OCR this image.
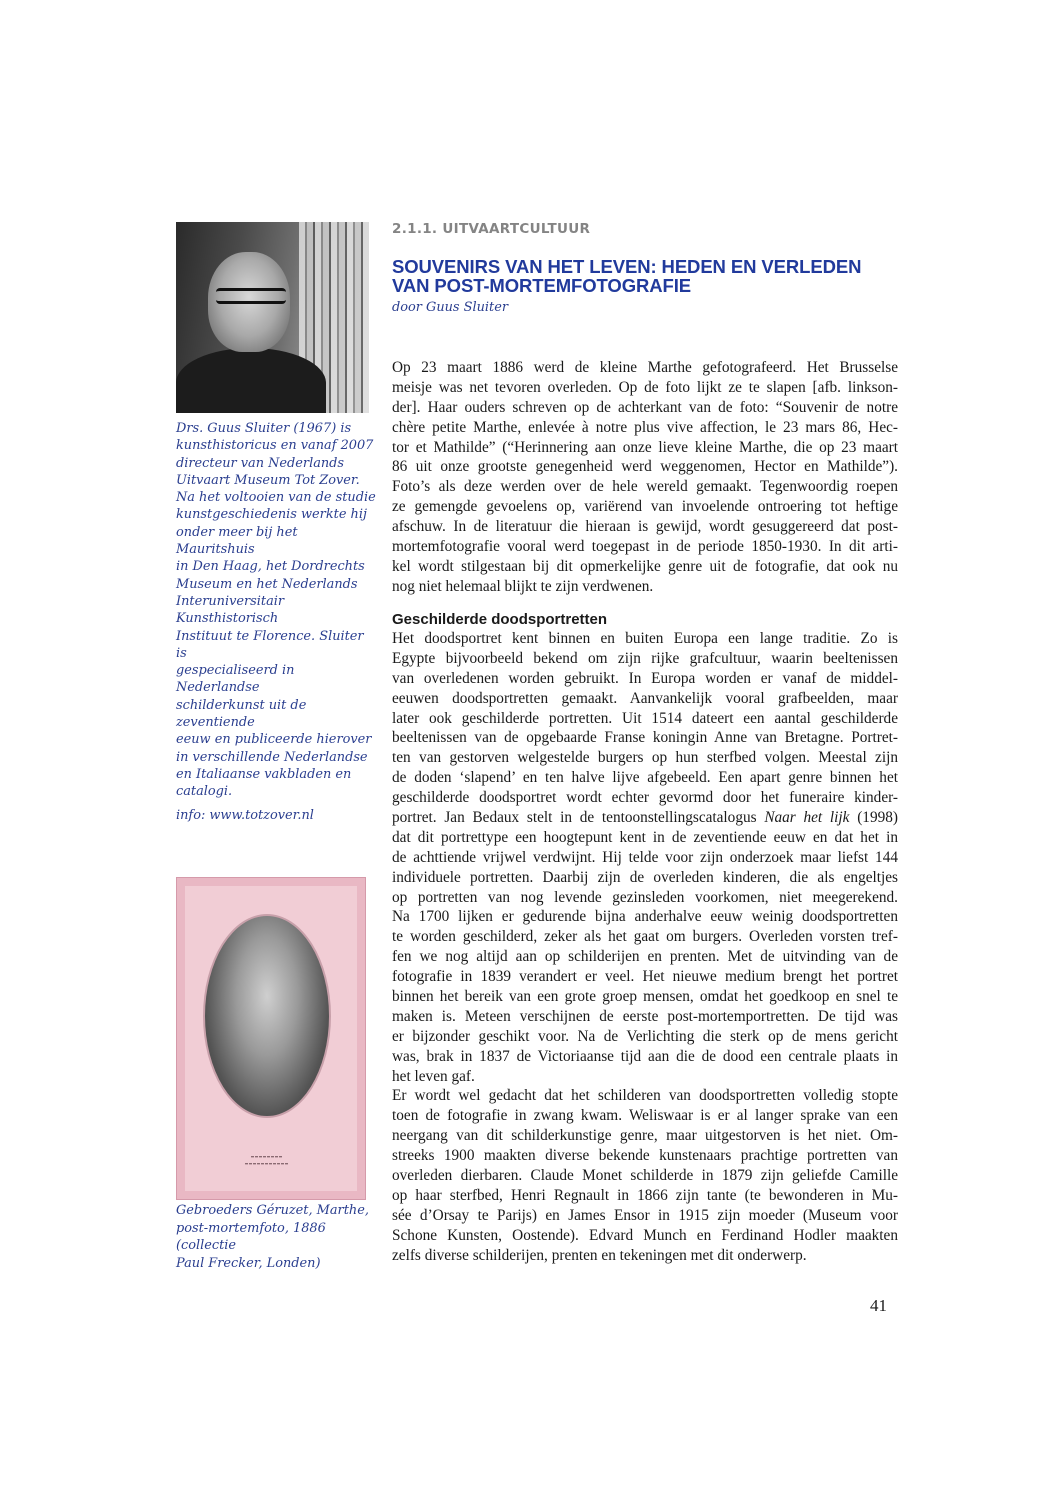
Drs. Guus Sluiter (1967) is
kunsthistoricus en vanaf 2007
directeur van Nederlands
Uitvaart Museum Tot Zover.
Na het voltooien van de studie
kunstgeschiedenis werkte hij
onder meer bij het Mauritshuis
in Den Haag, het Dordrechts
Museum en het Nederlands
Interuniversitair Kunsthistorisch
Instituut te Florence. Sluiter is
gespecialiseerd in Nederlandse
schilderkunst uit de zeventiende
eeuw en publiceerde hierover
in verschillende Nederlandse
en Italiaanse vakbladen en
catalogi.

info: www.totzover.nl

▬▬▬▬▬▬▬▬
▬▬▬▬▬▬▬▬▬▬▬
Gebroeders Géruzet, Marthe,
post-mortemfoto, 1886 (collectie
Paul Frecker, Londen)
2.1.1. UITVAARTCULTUUR
SOUVENIRS VAN HET LEVEN: HEDEN EN VERLEDEN
VAN POST-MORTEMFOTOGRAFIE
door Guus Sluiter
Op 23 maart 1886 werd de kleine Marthe gefotografeerd. Het Brusselse
meisje was net tevoren overleden. Op de foto lijkt ze te slapen [afb. linkson-
der]. Haar ouders schreven op de achterkant van de foto: “Souvenir de notre
chère petite Marthe, enlevée à notre plus vive affection, le 23 mars 86, Hec-
tor et Mathilde” (“Herinnering aan onze lieve kleine Marthe, die op 23 maart
86 uit onze grootste genegenheid werd weggenomen, Hector en Mathilde”).
Foto’s als deze werden over de hele wereld gemaakt. Tegenwoordig roepen
ze gemengde gevoelens op, variërend van invoelende ontroering tot heftige
afschuw. In de literatuur die hieraan is gewijd, wordt gesuggereerd dat post-
mortemfotografie vooral werd toegepast in de periode 1850-1930. In dit arti-
kel wordt stilgestaan bij dit opmerkelijke genre uit de fotografie, dat ook nu
nog niet helemaal blijkt te zijn verdwenen.
Geschilderde doodsportretten
Het doodsportret kent binnen en buiten Europa een lange traditie. Zo is
Egypte bijvoorbeeld bekend om zijn rijke grafcultuur, waarin beeltenissen
van overledenen worden gebruikt. In Europa worden er vanaf de middel-
eeuwen doodsportretten gemaakt. Aanvankelijk vooral grafbeelden, maar
later ook geschilderde portretten. Uit 1514 dateert een aantal geschilderde
beeltenissen van de opgebaarde Franse koningin Anne van Bretagne. Portret-
ten van gestorven welgestelde burgers op hun sterfbed volgen. Meestal zijn
de doden ‘slapend’ en ten halve lijve afgebeeld. Een apart genre binnen het
geschilderde doodsportret wordt echter gevormd door het funeraire kinder-
portret. Jan Bedaux stelt in de tentoonstellingscatalogus Naar het lijk (1998)
dat dit portrettype een hoogtepunt kent in de zeventiende eeuw en dat het in
de achttiende vrijwel verdwijnt. Hij telde voor zijn onderzoek maar liefst 144
individuele portretten. Daarbij zijn de overleden kinderen, die als engeltjes
op portretten van nog levende gezinsleden voorkomen, niet meegerekend.
Na 1700 lijken er gedurende bijna anderhalve eeuw weinig doodsportretten
te worden geschilderd, zeker als het gaat om burgers. Overleden vorsten tref-
fen we nog altijd aan op schilderijen en prenten. Met de uitvinding van de
fotografie in 1839 verandert er veel. Het nieuwe medium brengt het portret
binnen het bereik van een grote groep mensen, omdat het goedkoop en snel te
maken is. Meteen verschijnen de eerste post-mortemportretten. De tijd was
er bijzonder geschikt voor. Na de Verlichting die sterk op de mens gericht
was, brak in 1837 de Victoriaanse tijd aan die de dood een centrale plaats in
het leven gaf.
Er wordt wel gedacht dat het schilderen van doodsportretten volledig stopte
toen de fotografie in zwang kwam. Weliswaar is er al langer sprake van een
neergang van dit schilderkunstige genre, maar uitgestorven is het niet. Om-
streeks 1900 maakten diverse bekende kunstenaars prachtige portretten van
overleden dierbaren. Claude Monet schilderde in 1879 zijn geliefde Camille
op haar sterfbed, Henri Regnault in 1866 zijn tante (te bewonderen in Mu-
sée d’Orsay te Parijs) en James Ensor in 1915 zijn moeder (Museum voor
Schone Kunsten, Oostende). Edvard Munch en Ferdinand Hodler maakten
zelfs diverse schilderijen, prenten en tekeningen met dit onderwerp.
41
